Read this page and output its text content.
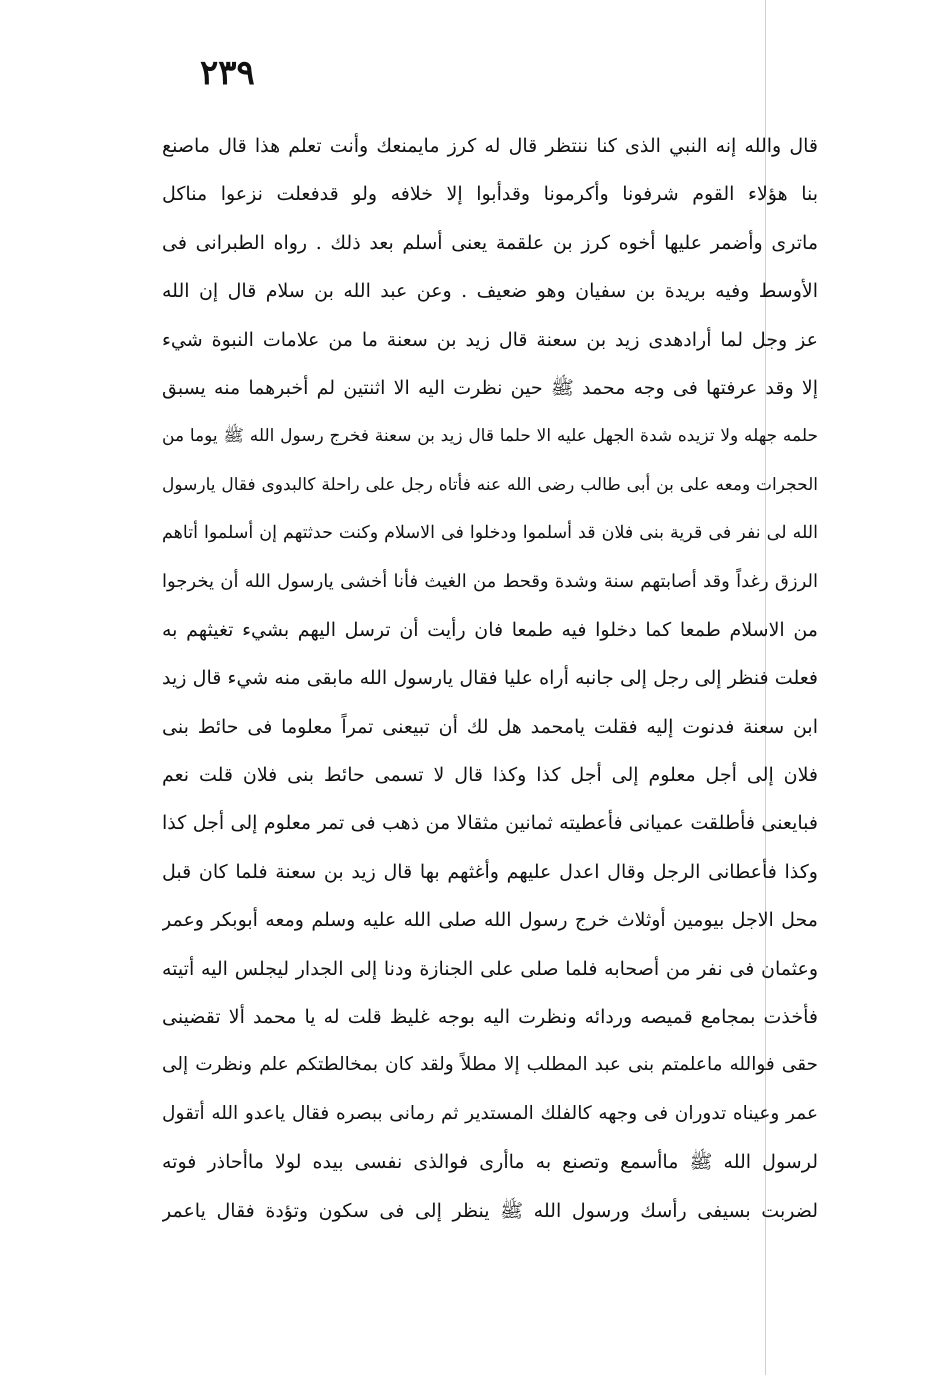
٢٣٩
قال والله إنه النبي الذى كنا ننتظر قال له كرز مايمنعك وأنت تعلم هذا قال ماصنع
بنا هؤلاء القوم شرفونا وأكرمونا وقدأبوا إلا خلافه ولو قدفعلت نزعوا مناكل
ماترى وأضمر عليها أخوه كرز بن علقمة يعنى أسلم بعد ذلك . رواه الطبرانى فى
الأوسط وفيه بريدة بن سفيان وهو ضعيف . وعن عبد الله بن سلام قال إن الله
عز وجل لما أرادهدى زيد بن سعنة قال زيد بن سعنة ما من علامات النبوة شيء
إلا وقد عرفتها فى وجه محمد ﷺ حين نظرت اليه الا اثنتين لم أخبرهما منه يسبق
حلمه جهله ولا تزيده شدة الجهل عليه الا حلما قال زيد بن سعنة فخرج رسول الله ﷺ يوما من
الحجرات ومعه على بن أبى طالب رضى الله عنه فأتاه رجل على راحلة كالبدوى فقال يارسول
الله لى نفر فى قرية بنى فلان قد أسلموا ودخلوا فى الاسلام وكنت حدثتهم إن أسلموا أتاهم
الرزق رغداً وقد أصابتهم سنة وشدة وقحط من الغيث فأنا أخشى يارسول الله أن يخرجوا
من الاسلام طمعا كما دخلوا فيه طمعا فان رأيت أن ترسل اليهم بشيء تغيثهم به
فعلت فنظر إلى رجل إلى جانبه أراه عليا فقال يارسول الله مابقى منه شيء قال زيد
ابن سعنة فدنوت إليه فقلت يامحمد هل لك أن تبيعنى تمراً معلوما فى حائط بنى
فلان إلى أجل معلوم إلى أجل كذا وكذا قال لا تسمى حائط بنى فلان قلت نعم
فبايعنى فأطلقت عميانى فأعطيته ثمانين مثقالا من ذهب فى تمر معلوم إلى أجل كذا
وكذا فأعطانى الرجل وقال اعدل عليهم وأغثهم بها قال زيد بن سعنة فلما كان قبل
محل الاجل بيومين أوثلاث خرج رسول الله صلى الله عليه وسلم ومعه أبوبكر وعمر
وعثمان فى نفر من أصحابه فلما صلى على الجنازة ودنا إلى الجدار ليجلس اليه أتيته
فأخذت بمجامع قميصه وردائه ونظرت اليه بوجه غليظ قلت له يا محمد ألا تقضينى
حقى فوالله ماعلمتم بنى عبد المطلب إلا مطلاً ولقد كان بمخالطتكم علم ونظرت إلى
عمر وعيناه تدوران فى وجهه كالفلك المستدير ثم رمانى ببصره فقال ياعدو الله أتقول
لرسول الله ﷺ ماأسمع وتصنع به ماأرى فوالذى نفسى بيده لولا ماأحاذر فوته
لضربت بسيفى رأسك ورسول الله ﷺ ينظر إلى فى سكون وتؤدة فقال ياعمر
